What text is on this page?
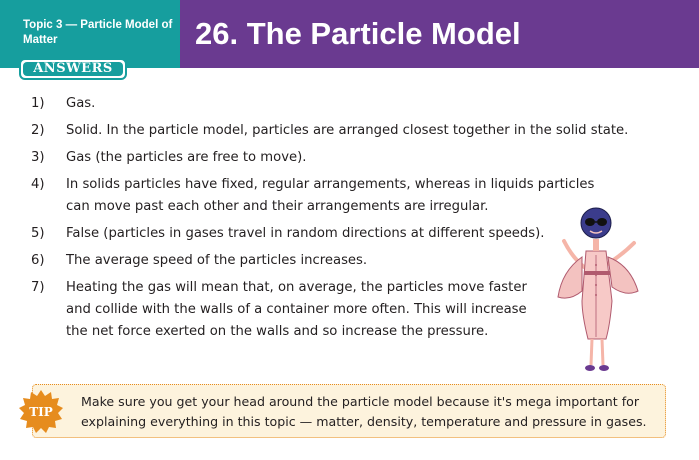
Topic 3 — Particle Model of Matter	26. The Particle Model
ANSWERS
1)	Gas.
2)	Solid. In the particle model, particles are arranged closest together in the solid state.
3)	Gas (the particles are free to move).
4)	In solids particles have fixed, regular arrangements, whereas in liquids particles
can move past each other and their arrangements are irregular.
5)	False (particles in gases travel in random directions at different speeds).
6)	The average speed of the particles increases.
7)	Heating the gas will mean that, on average, the particles move faster
and collide with the walls of a container more often. This will increase
the net force exerted on the walls and so increase the pressure.
Make sure you get your head around the particle model because it's mega important for
explaining everything in this topic — matter, density, temperature and pressure in gases.
TIP
